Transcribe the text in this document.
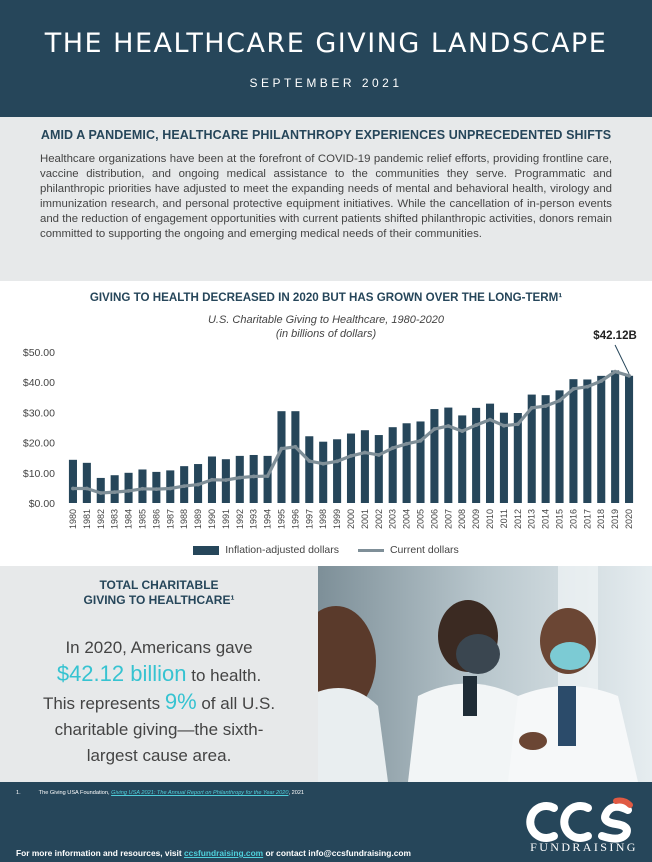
THE HEALTHCARE GIVING LANDSCAPE
SEPTEMBER 2021
AMID A PANDEMIC, HEALTHCARE PHILANTHROPY EXPERIENCES UNPRECEDENTED SHIFTS

Healthcare organizations have been at the forefront of COVID-19 pandemic relief efforts, providing frontline care, vaccine distribution, and ongoing medical assistance to the communities they serve. Programmatic and philanthropic priorities have adjusted to meet the expanding needs of mental and behavioral health, virology and immunization research, and personal protective equipment initiatives. While the cancellation of in-person events and the reduction of engagement opportunities with current patients shifted philanthropic activities, donors remain committed to supporting the ongoing and emerging medical needs of their communities.

GIVING TO HEALTH DECREASED IN 2020 BUT HAS GROWN OVER THE LONG-TERM¹
U.S. Charitable Giving to Healthcare, 1980-2020
(in billions of dollars)
$0.00
$10.00
$20.00
$30.00
$40.00
$50.00
1980 1981 1982 1983 1984 1985 1986 1987 1988 1989 1990 1991 1992 1993 1994 1995 1996 1997 1998 1999 2000 2001 2002 2003 2004 2005 2006 2007 2008 2009 2010 2011 2012 2013 2014 2015 2016 2017 2018 2019 2020
$42.12B
Inflation-adjusted dollars	Current dollars
TOTAL CHARITABLE
GIVING TO HEALTHCARE¹
In 2020, Americans gave
$42.12 billion to health.
This represents 9% of all U.S.
charitable giving—the sixth-
largest cause area.
1.	The Giving USA Foundation, Giving USA 2021: The Annual Report on Philanthropy for the Year 2020, 2021
For more information and resources, visit ccsfundraising.com or contact info@ccsfundraising.com	FUNDRAISING
